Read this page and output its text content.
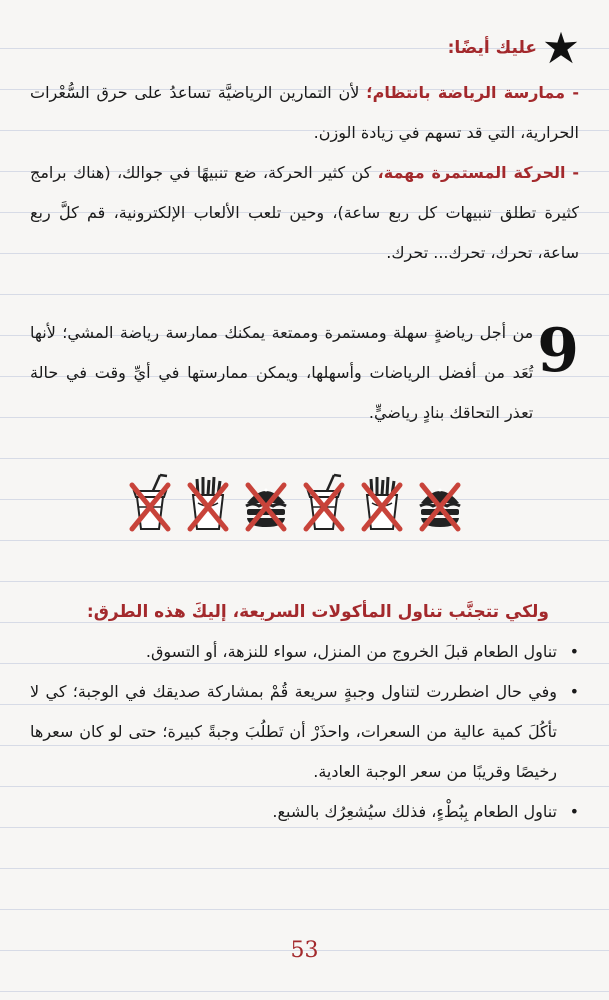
عليك أيضًا:

- ممارسة الرياضة بانتظام؛ لأن التمارين الرياضيَّة تساعدُ على حرق السُّعْرات الحرارية، التي قد تسهم في زيادة الوزن.

- الحركة المستمرة مهمة، كن كثير الحركة، ضع تنبيهًا في جوالك، (هناك برامج كثيرة تطلق تنبيهات كل ربع ساعة)، وحين تلعب الألعاب الإلكترونية، قم كلَّ ربع ساعة، تحرك، تحرك... تحرك.

9
من أجل رياضةٍ سهلة ومستمرة وممتعة يمكنك ممارسة رياضة المشي؛ لأنها تُعَد من أفضل الرياضات وأسهلها، ويمكن ممارستها في أيِّ وقت في حالة تعذر التحاقك بنادٍ رياضيٍّ.
ولكي تتجنَّب تناول المأكولات السريعة، إليكَ هذه الطرق:
• تناول الطعام قبلَ الخروج من المنزل، سواء للنزهة، أو التسوق.
• وفي حال اضطررت لتناول وجبةٍ سريعة قُمْ بمشاركة صديقك في الوجبة؛ كي لا تأكُلَ كمية عالية من السعرات، واحذَرْ أن تَطلُبَ وجبةً كبيرة؛ حتى لو كان سعرها رخيصًا وقريبًا من سعر الوجبة العادية.
• تناول الطعام بِبُطْءٍ، فذلك سيُشعِرُك بالشبع.
53
